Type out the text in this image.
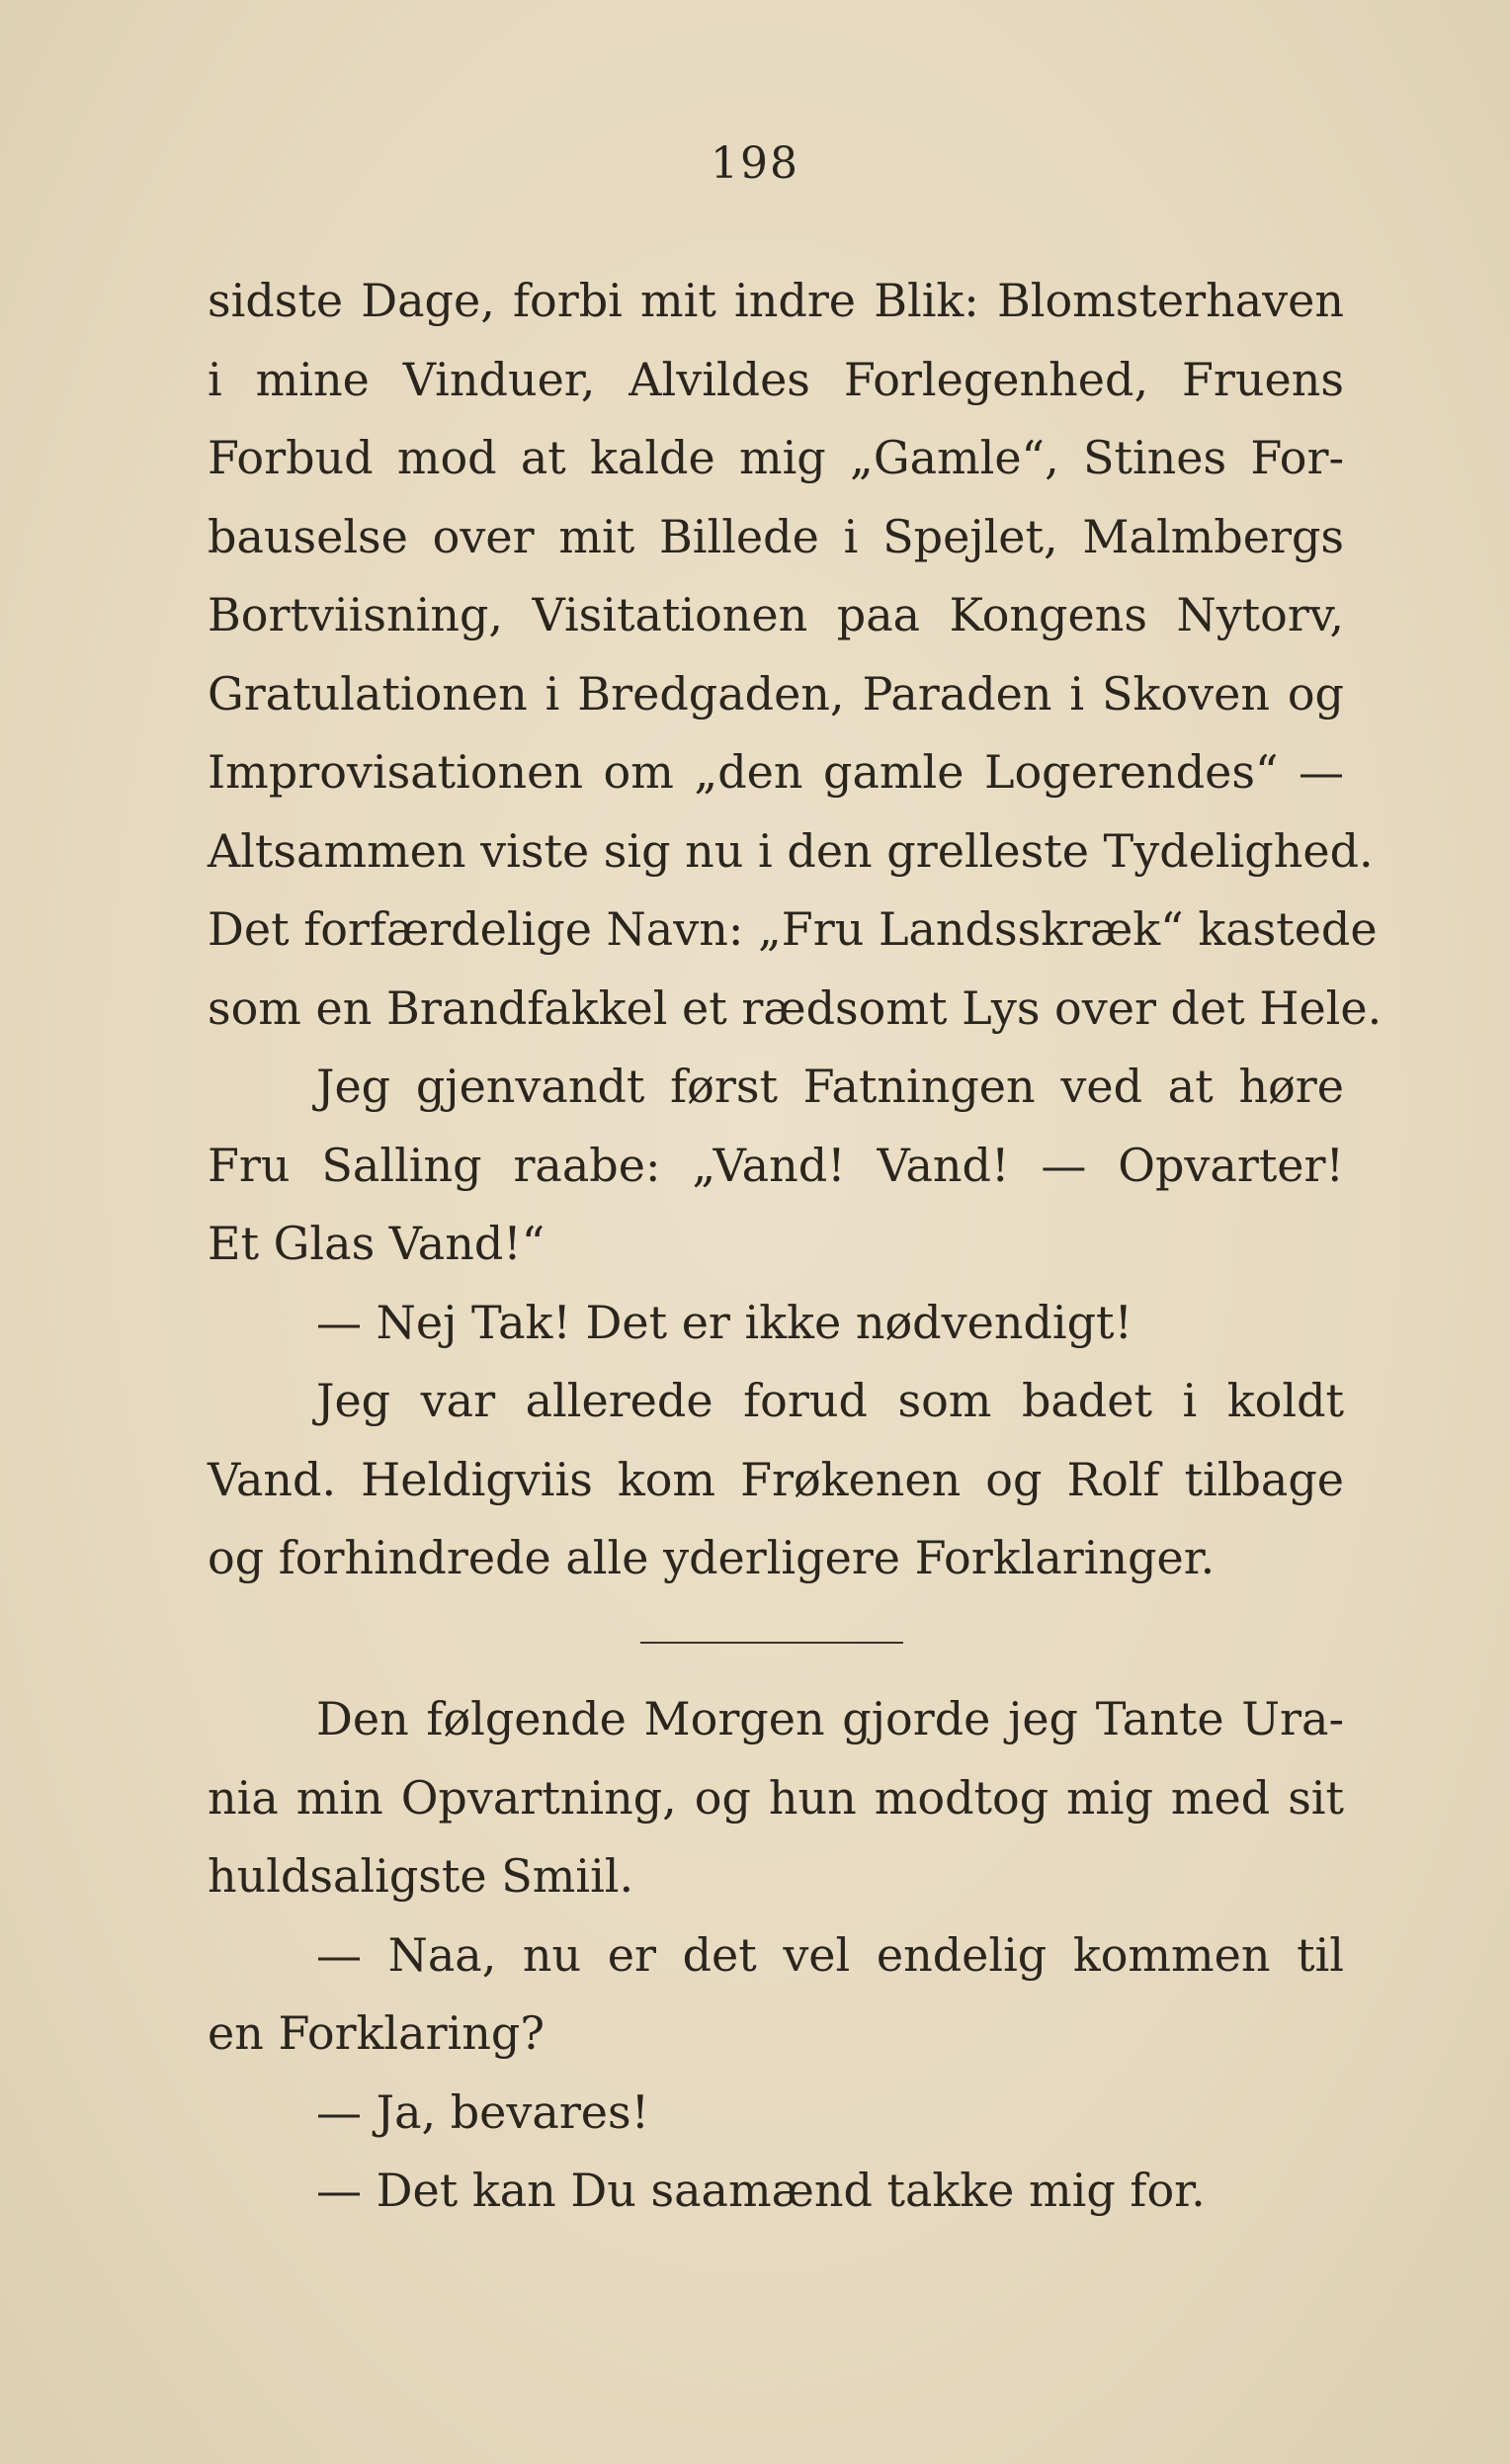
198
sidste Dage, forbi mit indre Blik: Blomsterhaven
i mine Vinduer, Alvildes Forlegenhed, Fruens
Forbud mod at kalde mig „Gamle“, Stines For-
bauselse over mit Billede i Spejlet, Malmbergs
Bortviisning, Visitationen paa Kongens Nytorv,
Gratulationen i Bredgaden, Paraden i Skoven og
Improvisationen om „den gamle Logerendes“ —
Altsammen viste sig nu i den grelleste Tydelighed.
Det forfærdelige Navn: „Fru Landsskræk“ kastede
som en Brandfakkel et rædsomt Lys over det Hele.
Jeg gjenvandt først Fatningen ved at høre
Fru Salling raabe: „Vand! Vand! — Opvarter!
Et Glas Vand!“
— Nej Tak! Det er ikke nødvendigt!
Jeg var allerede forud som badet i koldt
Vand. Heldigviis kom Frøkenen og Rolf tilbage
og forhindrede alle yderligere Forklaringer.
Den følgende Morgen gjorde jeg Tante Ura-
nia min Opvartning, og hun modtog mig med sit
huldsaligste Smiil.
— Naa, nu er det vel endelig kommen til
en Forklaring?
— Ja, bevares!
— Det kan Du saamænd takke mig for.
